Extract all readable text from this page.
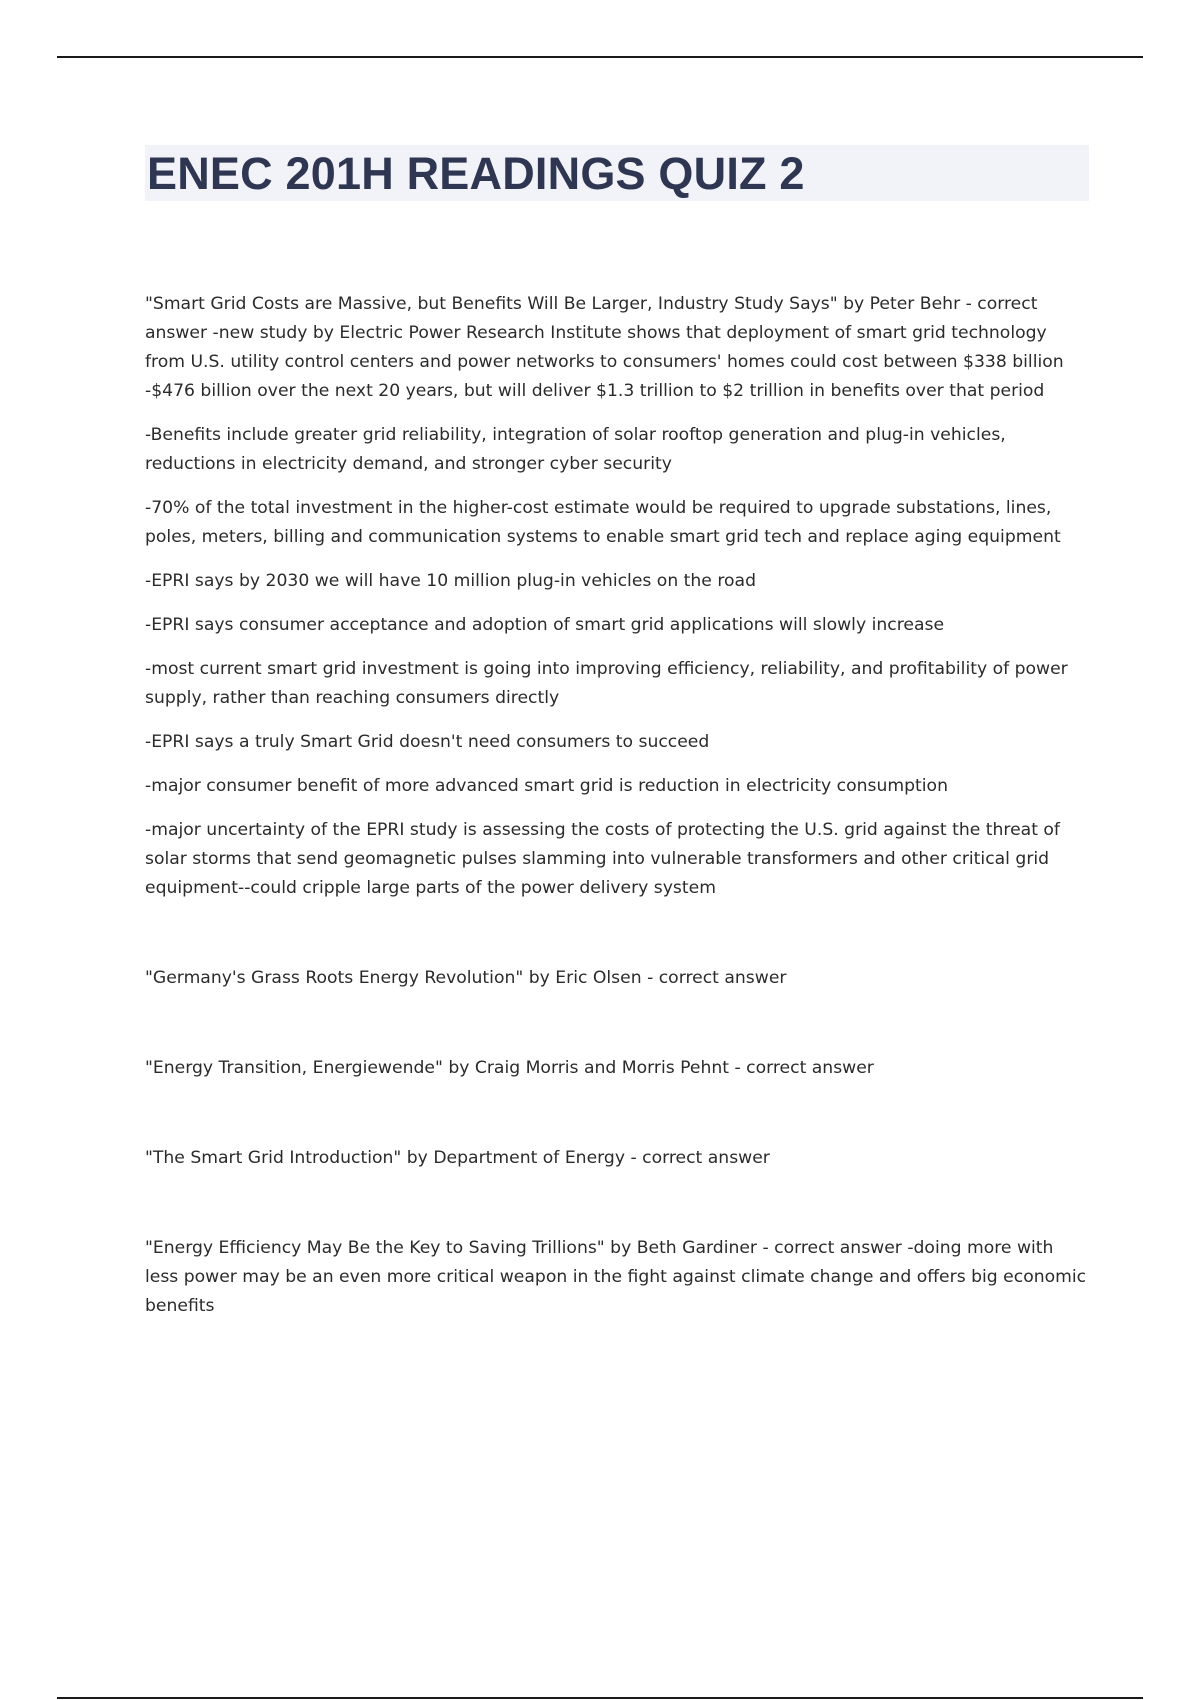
ENEC 201H READINGS QUIZ 2

"Smart Grid Costs are Massive, but Benefits Will Be Larger, Industry Study Says" by Peter Behr - correct answer -new study by Electric Power Research Institute shows that deployment of smart grid technology from U.S. utility control centers and power networks to consumers' homes could cost between $338 billion -$476 billion over the next 20 years, but will deliver $1.3 trillion to $2 trillion in benefits over that period

-Benefits include greater grid reliability, integration of solar rooftop generation and plug-in vehicles, reductions in electricity demand, and stronger cyber security

-70% of the total investment in the higher-cost estimate would be required to upgrade substations, lines, poles, meters, billing and communication systems to enable smart grid tech and replace aging equipment

-EPRI says by 2030 we will have 10 million plug-in vehicles on the road

-EPRI says consumer acceptance and adoption of smart grid applications will slowly increase

-most current smart grid investment is going into improving efficiency, reliability, and profitability of power supply, rather than reaching consumers directly

-EPRI says a truly Smart Grid doesn't need consumers to succeed

-major consumer benefit of more advanced smart grid is reduction in electricity consumption

-major uncertainty of the EPRI study is assessing the costs of protecting the U.S. grid against the threat of solar storms that send geomagnetic pulses slamming into vulnerable transformers and other critical grid equipment--could cripple large parts of the power delivery system

"Germany's Grass Roots Energy Revolution" by Eric Olsen - correct answer

"Energy Transition, Energiewende" by Craig Morris and Morris Pehnt - correct answer

"The Smart Grid Introduction" by Department of Energy - correct answer

"Energy Efficiency May Be the Key to Saving Trillions" by Beth Gardiner - correct answer -doing more with less power may be an even more critical weapon in the fight against climate change and offers big economic benefits
